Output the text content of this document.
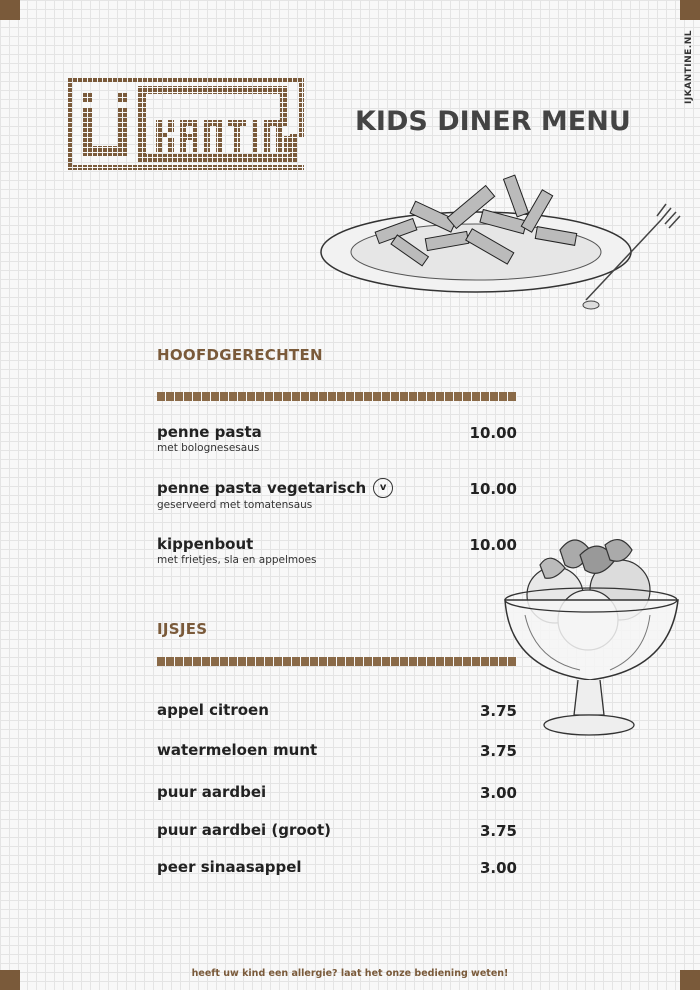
IJKANTINE.NL
KIDS DINER MENU
HOOFDGERECHTEN
penne pasta
met bolognesesaus
10.00
penne pasta vegetarisch	v
geserveerd met tomatensaus
10.00
kippenbout
met frietjes, sla en appelmoes
10.00
IJSJES
appel citroen	3.75
watermeloen munt	3.75
puur aardbei	3.00
puur aardbei (groot)	3.75
peer sinaasappel	3.00
heeft uw kind een allergie? laat het onze bediening weten!
